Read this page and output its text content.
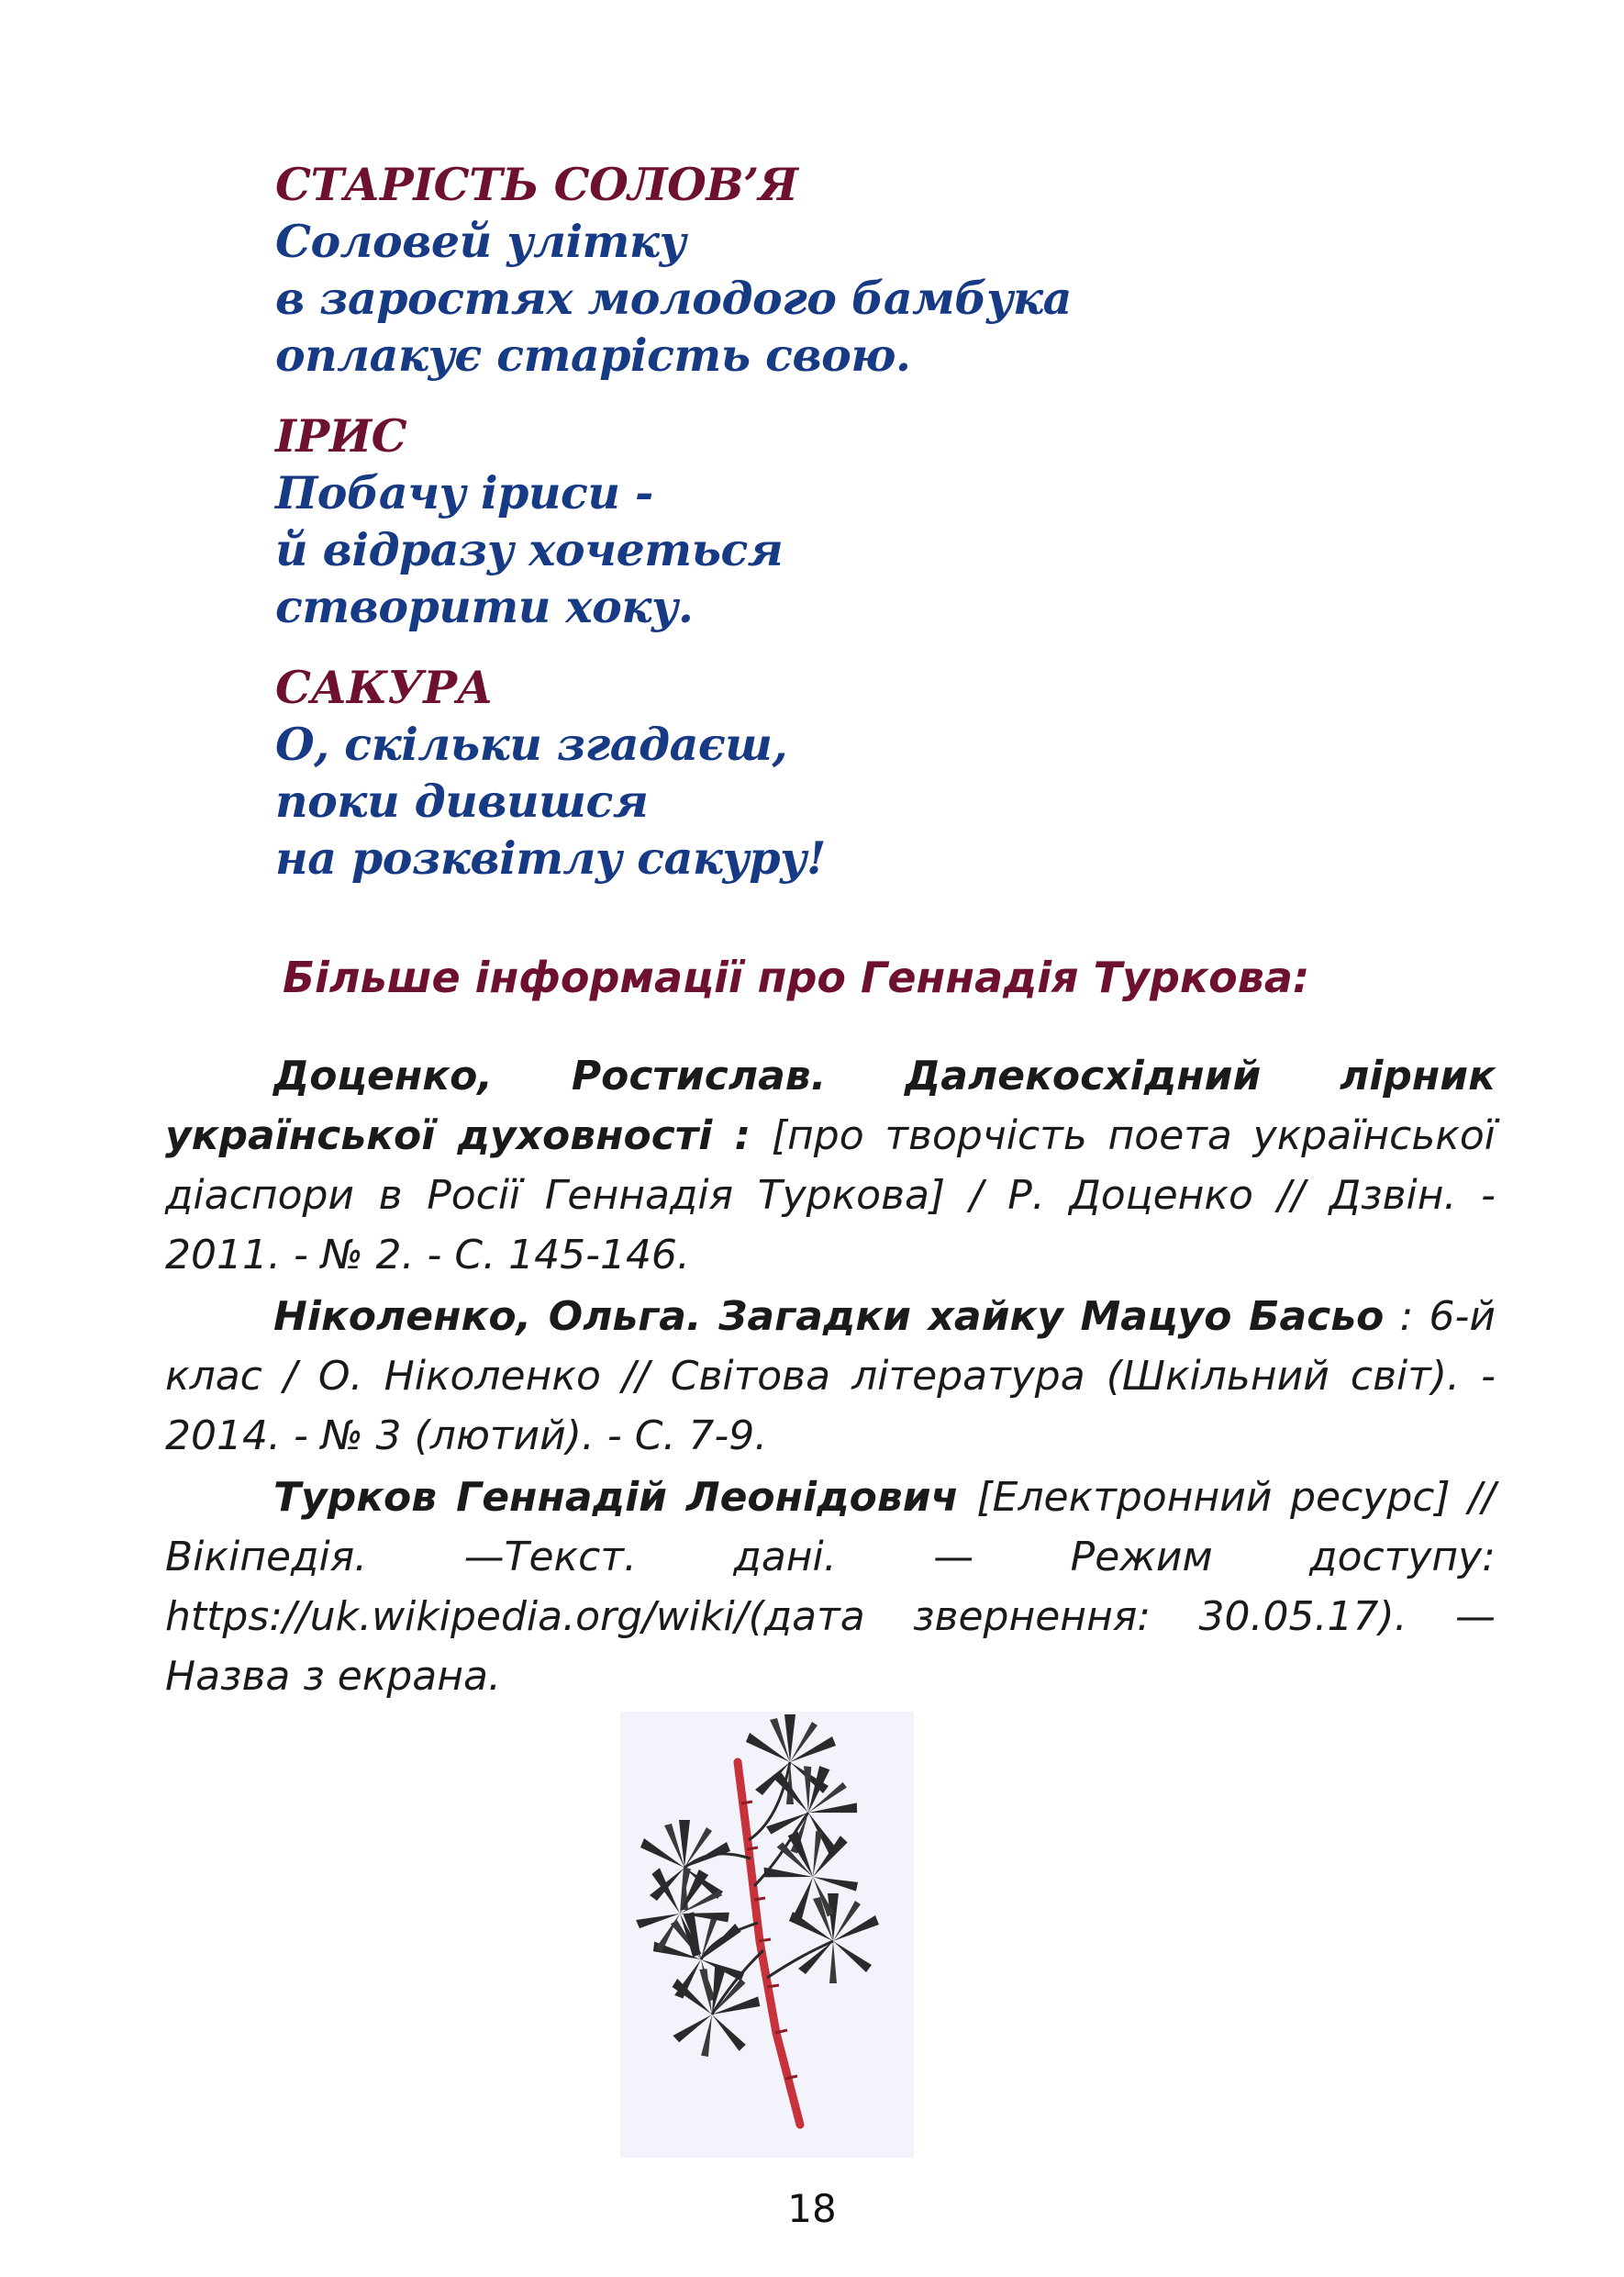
СТАРІСТЬ СОЛОВ’Я
Соловей улітку
в заростях молодого бамбука
оплакує старість свою.
ІРИС
Побачу іриси -
й відразу хочеться
створити хоку.
САКУРА
О, скільки згадаєш,
поки дивишся
на розквітлу сакуру!
Більше інформації про Геннадія Туркова:

Доценко, Ростислав. Далекосхідний лірник української духовності : [про творчість поета української діаспори в Росії Геннадія Туркова] / Р. Доценко // Дзвін. - 2011. - № 2. - С. 145-146.

Ніколенко, Ольга. Загадки хайку Мацуо Басьо : 6-й клас / О. Ніколенко // Світова література (Шкільний світ). - 2014. - № 3 (лютий). - С. 7-9.

Турков Геннадій Леонідович [Електронний ресурс] // Вікіпедія. —Текст. дані. — Режим доступу: https://uk.wikipedia.org/wiki/(дата звернення: 30.05.17). — Назва з екрана.

18
